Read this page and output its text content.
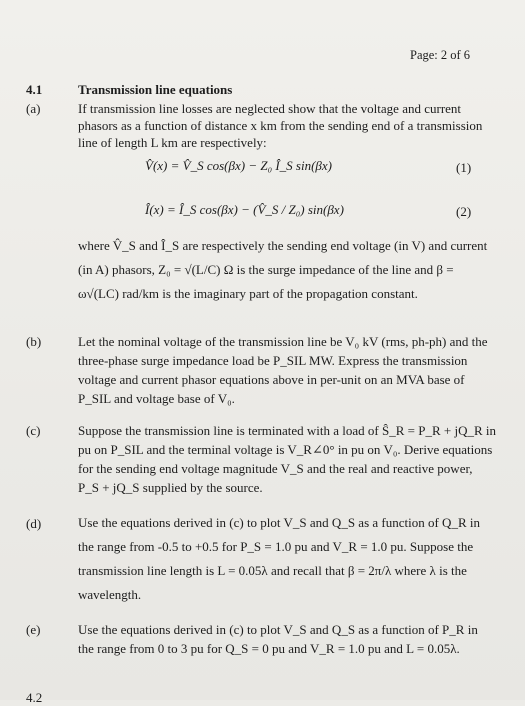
Page: 2 of 6
4.1	Transmission line equations
(a)	If transmission line losses are neglected show that the voltage and current phasors as a function of distance x km from the sending end of a transmission line of length L km are respectively:

V̂(x) = V̂_S cos(βx) − Z₀ Î_S sin(βx)	(1)
Î(x) = Î_S cos(βx) − (V̂_S / Z₀) sin(βx)	(2)

where V̂_S and Î_S are respectively the sending end voltage (in V) and current (in A) phasors, Z₀ = √(L/C) Ω is the surge impedance of the line and β = ω√(LC) rad/km is the imaginary part of the propagation constant.

(b)	Let the nominal voltage of the transmission line be V₀ kV (rms, ph-ph) and the three-phase surge impedance load be P_SIL MW. Express the transmission voltage and current phasor equations above in per-unit on an MVA base of P_SIL and voltage base of V₀.

(c)	Suppose the transmission line is terminated with a load of Ŝ_R = P_R + jQ_R in pu on P_SIL and the terminal voltage is V_R∠0° in pu on V₀. Derive equations for the sending end voltage magnitude V_S and the real and reactive power, P_S + jQ_S supplied by the source.

(d)	Use the equations derived in (c) to plot V_S and Q_S as a function of Q_R in the range from -0.5 to +0.5 for P_S = 1.0 pu and V_R = 1.0 pu. Suppose the transmission line length is L = 0.05λ and recall that β = 2π/λ where λ is the wavelength.

(e)	Use the equations derived in (c) to plot V_S and Q_S as a function of P_R in the range from 0 to 3 pu for Q_S = 0 pu and V_R = 1.0 pu and L = 0.05λ.

4.2
